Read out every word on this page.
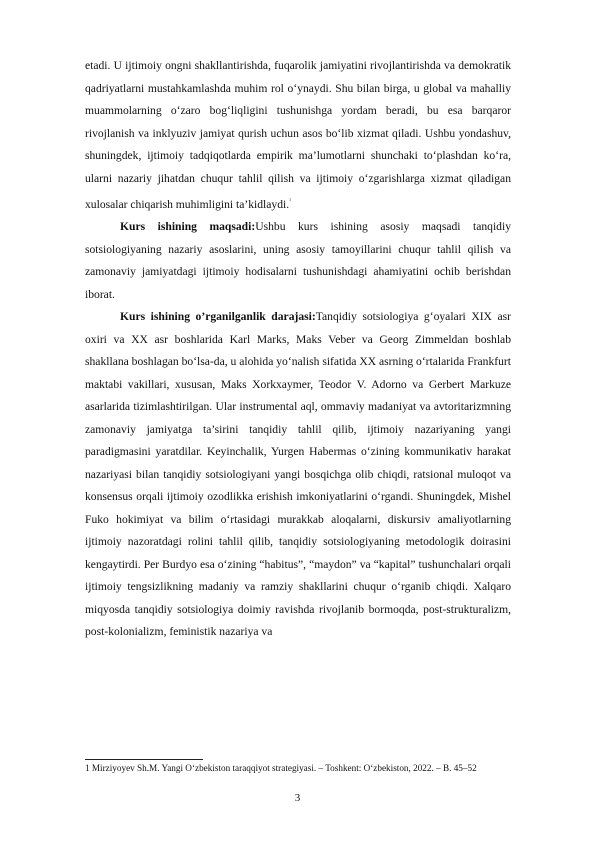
etadi. U ijtimoiy ongni shakllantirishda, fuqarolik jamiyatini rivojlantirishda va demokratik qadriyatlarni mustahkamlashda muhim rol o‘ynaydi. Shu bilan birga, u global va mahalliy muammolarning o‘zaro bog‘liqligini tushunishga yordam beradi, bu esa barqaror rivojlanish va inklyuziv jamiyat qurish uchun asos bo‘lib xizmat qiladi. Ushbu yondashuv, shuningdek, ijtimoiy tadqiqotlarda empirik ma’lumotlarni shunchaki to‘plashdan ko‘ra, ularni nazariy jihatdan chuqur tahlil qilish va ijtimoiy o‘zgarishlarga xizmat qiladigan xulosalar chiqarish muhimligini ta’kidlaydi.$^{^1}$

Kurs ishining maqsadi:Ushbu kurs ishining asosiy maqsadi tanqidiy sotsiologiyaning nazariy asoslarini, uning asosiy tamoyillarini chuqur tahlil qilish va zamonaviy jamiyatdagi ijtimoiy hodisalarni tushunishdagi ahamiyatini ochib berishdan iborat.

Kurs ishining o’rganilganlik darajasi:Tanqidiy sotsiologiya g‘oyalari XIX asr oxiri va XX asr boshlarida Karl Marks, Maks Veber va Georg Zimmeldan boshlab shakllana boshlagan bo‘lsa-da, u alohida yo‘nalish sifatida XX asrning o‘rtalarida Frankfurt maktabi vakillari, xususan, Maks Xorkxaymer, Teodor V. Adorno va Gerbert Markuze asarlarida tizimlashtirilgan. Ular instrumental aql, ommaviy madaniyat va avtoritarizmning zamonaviy jamiyatga ta’sirini tanqidiy tahlil qilib, ijtimoiy nazariyaning yangi paradigmasini yaratdilar. Keyinchalik, Yurgen Habermas o‘zining kommunikativ harakat nazariyasi bilan tanqidiy sotsiologiyani yangi bosqichga olib chiqdi, ratsional muloqot va konsensus orqali ijtimoiy ozodlikka erishish imkoniyatlarini o‘rgandi. Shuningdek, Mishel Fuko hokimiyat va bilim o‘rtasidagi murakkab aloqalarni, diskursiv amaliyotlarning ijtimoiy nazoratdagi rolini tahlil qilib, tanqidiy sotsiologiyaning metodologik doirasini kengaytirdi. Per Burdyo esa o‘zining “habitus”, “maydon” va “kapital” tushunchalari orqali ijtimoiy tengsizlikning madaniy va ramziy shakllarini chuqur o‘rganib chiqdi. Xalqaro miqyosda tanqidiy sotsiologiya doimiy ravishda rivojlanib bormoqda, post-strukturalizm, post-kolonializm, feministik nazariya va

1 Mirziyoyev Sh.M. Yangi O‘zbekiston taraqqiyot strategiyasi. – Toshkent: O‘zbekiston, 2022. – B. 45–52
3
